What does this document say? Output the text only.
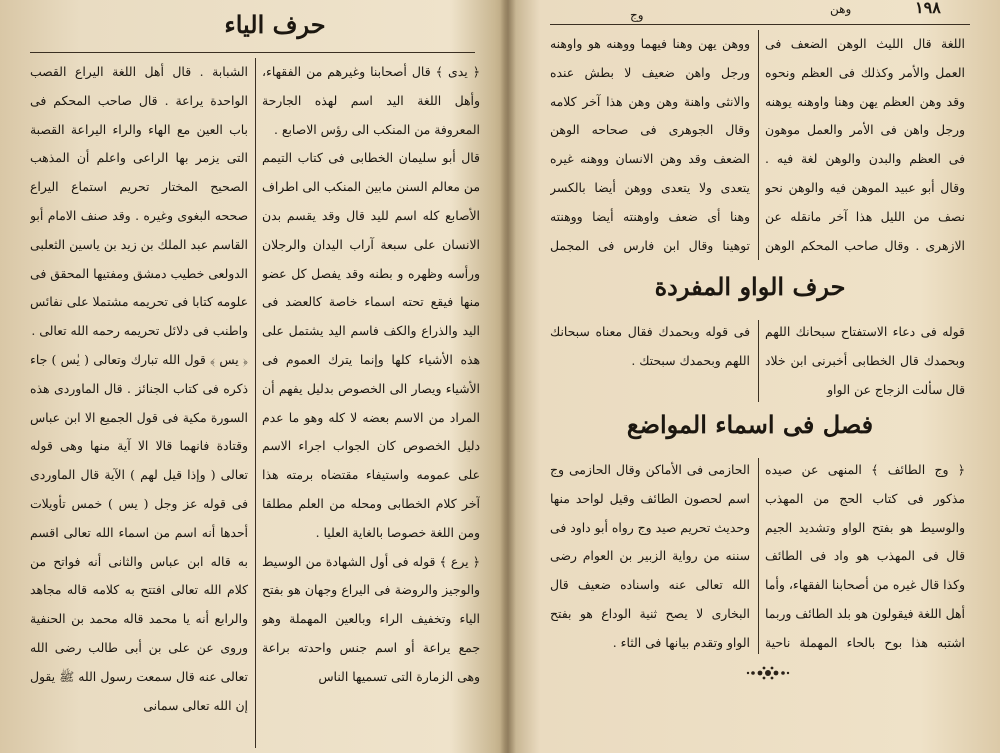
حرف الياء

﴿ يدى ﴾ قال أصحابنا وغيرهم من الفقهاء، وأهل اللغة اليد اسم لهذه الجارحة المعروفة من المنكب الى رؤس الاصابع .

قال أبو سليمان الخطابى فى كتاب التيمم من معالم السنن مابين المنكب الى اطراف الأصابع كله اسم لليد قال وقد يقسم بدن الانسان على سبعة آراب اليدان والرجلان ورأسه وظهره و بطنه وقد يفصل كل عضو منها فيقع تحته اسماء خاصة كالعضد فى اليد والذراع والكف فاسم اليد يشتمل على هذه الأشياء كلها وإنما يترك العموم فى الأشياء ويصار الى الخصوص بدليل يفهم أن المراد من الاسم بعضه لا كله وهو ما عدم دليل الخصوص كان الجواب اجراء الاسم على عمومه واستيفاء مقتضاه برمته هذا آخر كلام الخطابى ومحله من العلم مطلقا ومن اللغة خصوصا بالغاية العليا .

﴿ يرع ﴾ قوله فى أول الشهادة من الوسيط والوجيز والروضة فى اليراع وجهان هو بفتح الياء وتخفيف الراء وبالعين المهملة وهو جمع يراعة أو اسم جنس واحدته براعة وهى الزمارة التى تسميها الناس

الشبابة . قال أهل اللغة اليراع القصب الواحدة يراعة . قال صاحب المحكم فى باب العين مع الهاء والراء اليراعة القصبة التى يزمر بها الراعى واعلم أن المذهب الصحيح المختار تحريم استماع اليراع صححه البغوى وغيره . وقد صنف الامام أبو القاسم عبد الملك بن زيد بن ياسين الثعلبى الدولعى خطيب دمشق ومفتيها المحقق فى علومه كتابا فى تحريمه مشتملا على نفائس واطنب فى دلائل تحريمه رحمه الله تعالى .

﴿ يس ﴾ قول الله تبارك وتعالى ( يٰس ) جاء ذكره فى كتاب الجنائز . قال الماوردى هذه السورة مكية فى قول الجميع الا ابن عباس وقتادة فانهما قالا الا آية منها وهى قوله تعالى ( وإذا قيل لهم ) الآية قال الماوردى فى قوله عز وجل ( يس ) خمس تأويلات أحدها أنه اسم من اسماء الله تعالى اقسم به قاله ابن عباس والثانى أنه فواتح من كلام الله تعالى افتتح به كلامه قاله مجاهد والرابع أنه يا محمد قاله محمد بن الحنفية وروى عن على بن أبى طالب رضى الله تعالى عنه قال سمعت رسول الله ﷺ يقول إن الله تعالى سمانى

١٩٨
وهن
وج
اللغة قال الليث الوهن الضعف فى العمل والأمر وكذلك فى العظم ونحوه وقد وهن العظم يهن وهنا واوهنه يوهنه ورجل واهن فى الأمر والعمل موهون فى العظم والبدن والوهن لغة فيه . وقال أبو عبيد الموهن فيه والوهن نحو نصف من الليل هذا آخر مانقله عن الازهرى . وقال صاحب المحكم الوهن
ووهن يهن وهنا فيهما ووهنه هو واوهنه ورجل واهن ضعيف لا بطش عنده والانثى واهنة وهن وهن هذا آخر كلامه وقال الجوهرى فى صحاحه الوهن الضعف وقد وهن الانسان ووهنه غيره يتعدى ولا يتعدى ووهن أيضا بالكسر وهنا أى ضعف واوهنته أيضا ووهنته توهينا وقال ابن فارس فى المجمل
حرف الواو المفردة
قوله فى دعاء الاستفتاح سبحانك اللهم وبحمدك قال الخطابى أخبرنى ابن خلاد قال سألت الزجاج عن الواو
فى قوله وبحمدك فقال معناه سبحانك اللهم وبحمدك سبحتك .
فصل فى اسماء المواضع
﴿ وج الطائف ﴾ المنهى عن صيده مذكور فى كتاب الحج من المهذب والوسيط هو بفتح الواو وتشديد الجيم قال فى المهذب هو واد فى الطائف وكذا قال غيره من أصحابنا الفقهاء، وأما أهل اللغة فيقولون هو بلد الطائف وربما اشتبه هذا بوح بالحاء المهملة ناحية
الحازمى فى الأماكن وقال الحازمى وج اسم لحصون الطائف وقيل لواحد منها وحديث تحريم صيد وج رواه أبو داود فى سننه من رواية الزبير بن العوام رضى الله تعالى عنه واسناده ضعيف قال البخارى لا يصح ثنية الوداع هو بفتح الواو وتقدم بيانها فى الثاء .
